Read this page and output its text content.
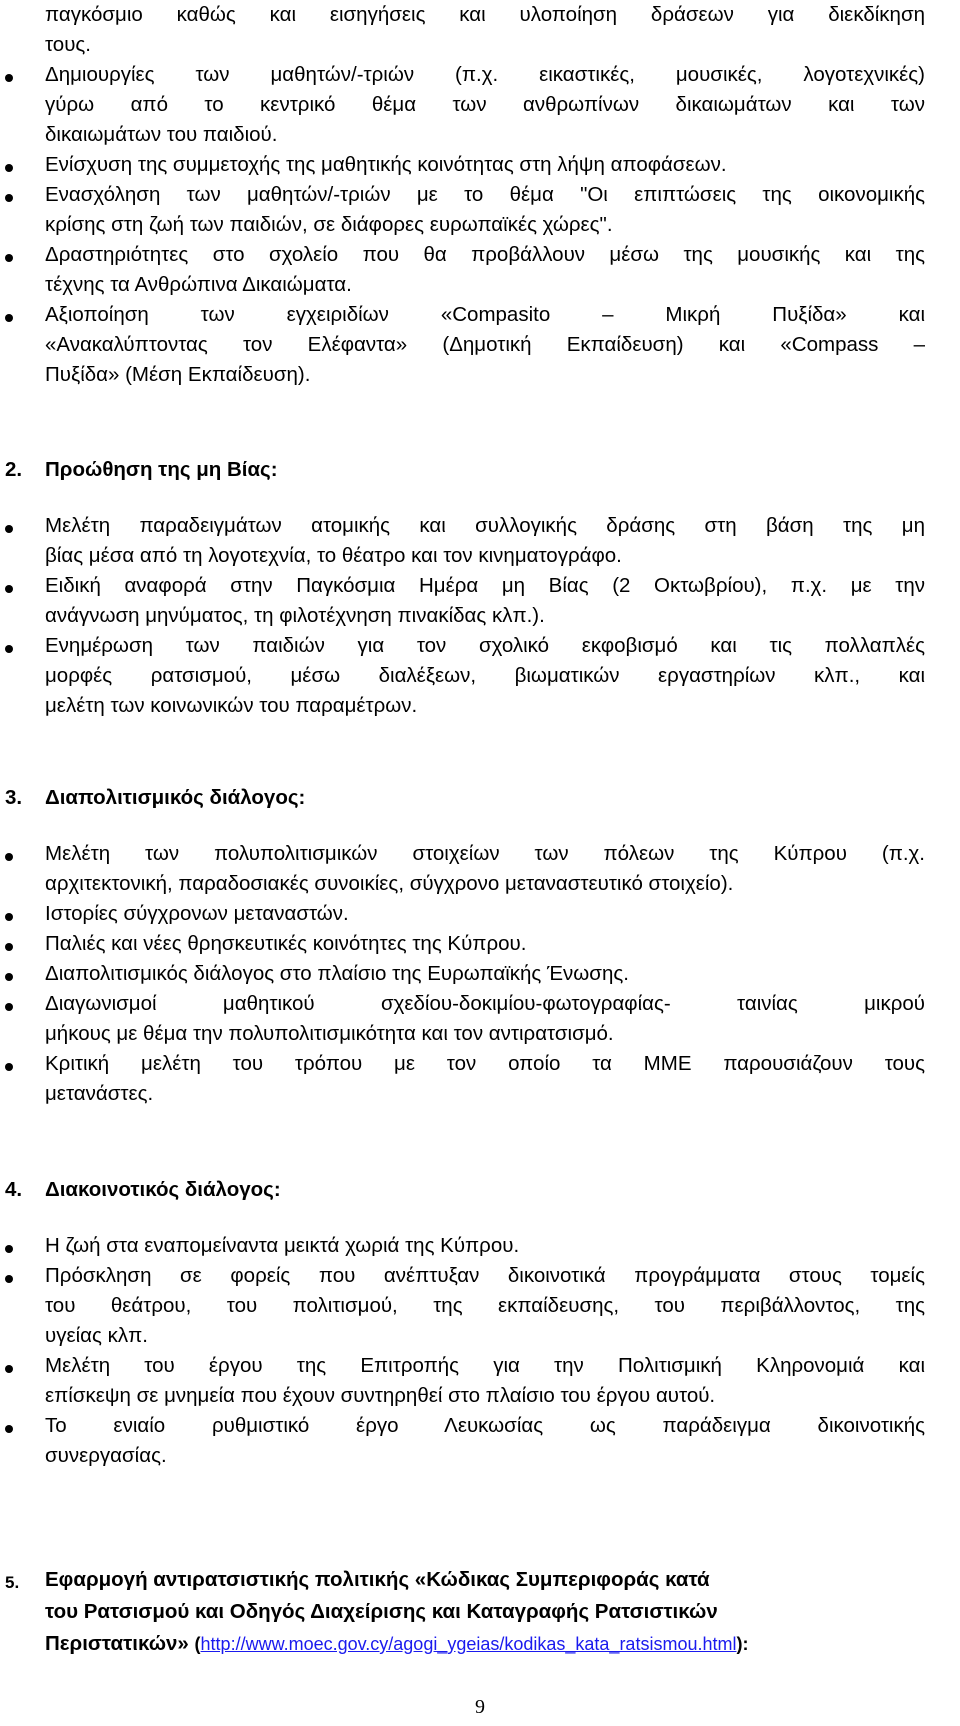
παγκόσμιο καθώς και εισηγήσεις και υλοποίηση δράσεων για διεκδίκηση
τους.
Δημιουργίες των μαθητών/-τριών (π.χ. εικαστικές, μουσικές, λογοτεχνικές)
γύρω από το κεντρικό θέμα των ανθρωπίνων δικαιωμάτων και των
δικαιωμάτων του παιδιού.
Ενίσχυση της συμμετοχής της μαθητικής κοινότητας στη λήψη αποφάσεων.
Ενασχόληση των μαθητών/-τριών με το θέμα "Οι επιπτώσεις της οικονομικής
κρίσης στη ζωή των παιδιών, σε διάφορες ευρωπαϊκές χώρες".
Δραστηριότητες στο σχολείο που θα προβάλλουν μέσω της μουσικής και της
τέχνης τα Ανθρώπινα Δικαιώματα.
Αξιοποίηση των εγχειριδίων «Compasito – Μικρή Πυξίδα» και
«Ανακαλύπτοντας τον Ελέφαντα» (Δημοτική Εκπαίδευση) και «Compass –
Πυξίδα» (Μέση Εκπαίδευση).
2. Προώθηση της μη Βίας:
Μελέτη παραδειγμάτων ατομικής και συλλογικής δράσης στη βάση της μη
βίας μέσα από τη λογοτεχνία, το θέατρο και τον κινηματογράφο.
Ειδική αναφορά στην Παγκόσμια Ημέρα μη Βίας (2 Οκτωβρίου), π.χ. με την
ανάγνωση μηνύματος, τη φιλοτέχνηση πινακίδας κλπ.).
Ενημέρωση των παιδιών για τον σχολικό εκφοβισμό και τις πολλαπλές
μορφές ρατσισμού, μέσω διαλέξεων, βιωματικών εργαστηρίων κλπ., και
μελέτη των κοινωνικών του παραμέτρων.
3. Διαπολιτισμικός διάλογος:
Μελέτη των πολυπολιτισμικών στοιχείων των πόλεων της Κύπρου (π.χ.
αρχιτεκτονική, παραδοσιακές συνοικίες, σύγχρονο μεταναστευτικό στοιχείο).
Ιστορίες σύγχρονων μεταναστών.
Παλιές και νέες θρησκευτικές κοινότητες της Κύπρου.
Διαπολιτισμικός διάλογος στο πλαίσιο της Ευρωπαϊκής Ένωσης.
Διαγωνισμοί μαθητικού σχεδίου-δοκιμίου-φωτογραφίας- ταινίας μικρού
μήκους με θέμα την πολυπολιτισμικότητα και τον αντιρατσισμό.
Κριτική μελέτη του τρόπου με τον οποίο τα ΜΜΕ παρουσιάζουν τους
μετανάστες.
4. Διακοινοτικός διάλογος:
Η ζωή στα εναπομείναντα μεικτά χωριά της Κύπρου.
Πρόσκληση σε φορείς που ανέπτυξαν δικοινοτικά προγράμματα στους τομείς
του θεάτρου, του πολιτισμού, της εκπαίδευσης, του περιβάλλοντος, της
υγείας κλπ.
Μελέτη του έργου της Επιτροπής για την Πολιτισμική Κληρονομιά και
επίσκεψη σε μνημεία που έχουν συντηρηθεί στο πλαίσιο του έργου αυτού.
Το ενιαίο ρυθμιστικό έργο Λευκωσίας ως παράδειγμα δικοινοτικής
συνεργασίας.
5. Εφαρμογή αντιρατσιστικής πολιτικής «Κώδικας Συμπεριφοράς κατά
του Ρατσισμού και Οδηγός Διαχείρισης και Καταγραφής Ρατσιστικών
Περιστατικών» (http://www.moec.gov.cy/agogi_ygeias/kodikas_kata_ratsismou.html):
9
